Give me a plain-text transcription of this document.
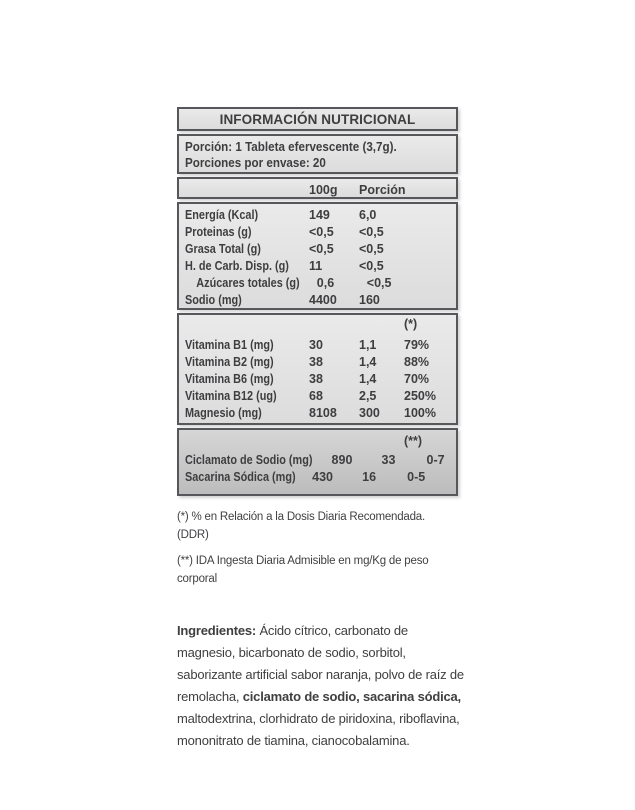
INFORMACIÓN NUTRICIONAL
Porción: 1 Tableta efervescente (3,7g).
Porciones por envase: 20
100g	Porción
Energía (Kcal)	149	6,0
Proteinas (g)	<0,5	<0,5
Grasa Total (g)	<0,5	<0,5
H. de Carb. Disp. (g)	11	<0,5
Azúcares totales (g) 0,6	<0,5
Sodio (mg)	4400	160
(*)
Vitamina B1 (mg)	30	1,1	79%
Vitamina B2 (mg)	38	1,4	88%
Vitamina B6 (mg)	38	1,4	70%
Vitamina B12 (ug)	68	2,5	250%
Magnesio (mg)	8108	300	100%
(**)
Ciclamato de Sodio (mg) 890	33	0-7
Sacarina Sódica (mg) 430	16	0-5

(*) % en Relación a la Dosis Diaria Recomendada. (DDR)

(**) IDA Ingesta Diaria Admisible en mg/Kg de peso corporal

Ingredientes: Ácido cítrico, carbonato de magnesio, bicarbonato de sodio, sorbitol, saborizante artificial sabor naranja, polvo de raíz de remolacha, ciclamato de sodio, sacarina sódica, maltodextrina, clorhidrato de piridoxina, riboflavina, mononitrato de tiamina, cianocobalamina.
